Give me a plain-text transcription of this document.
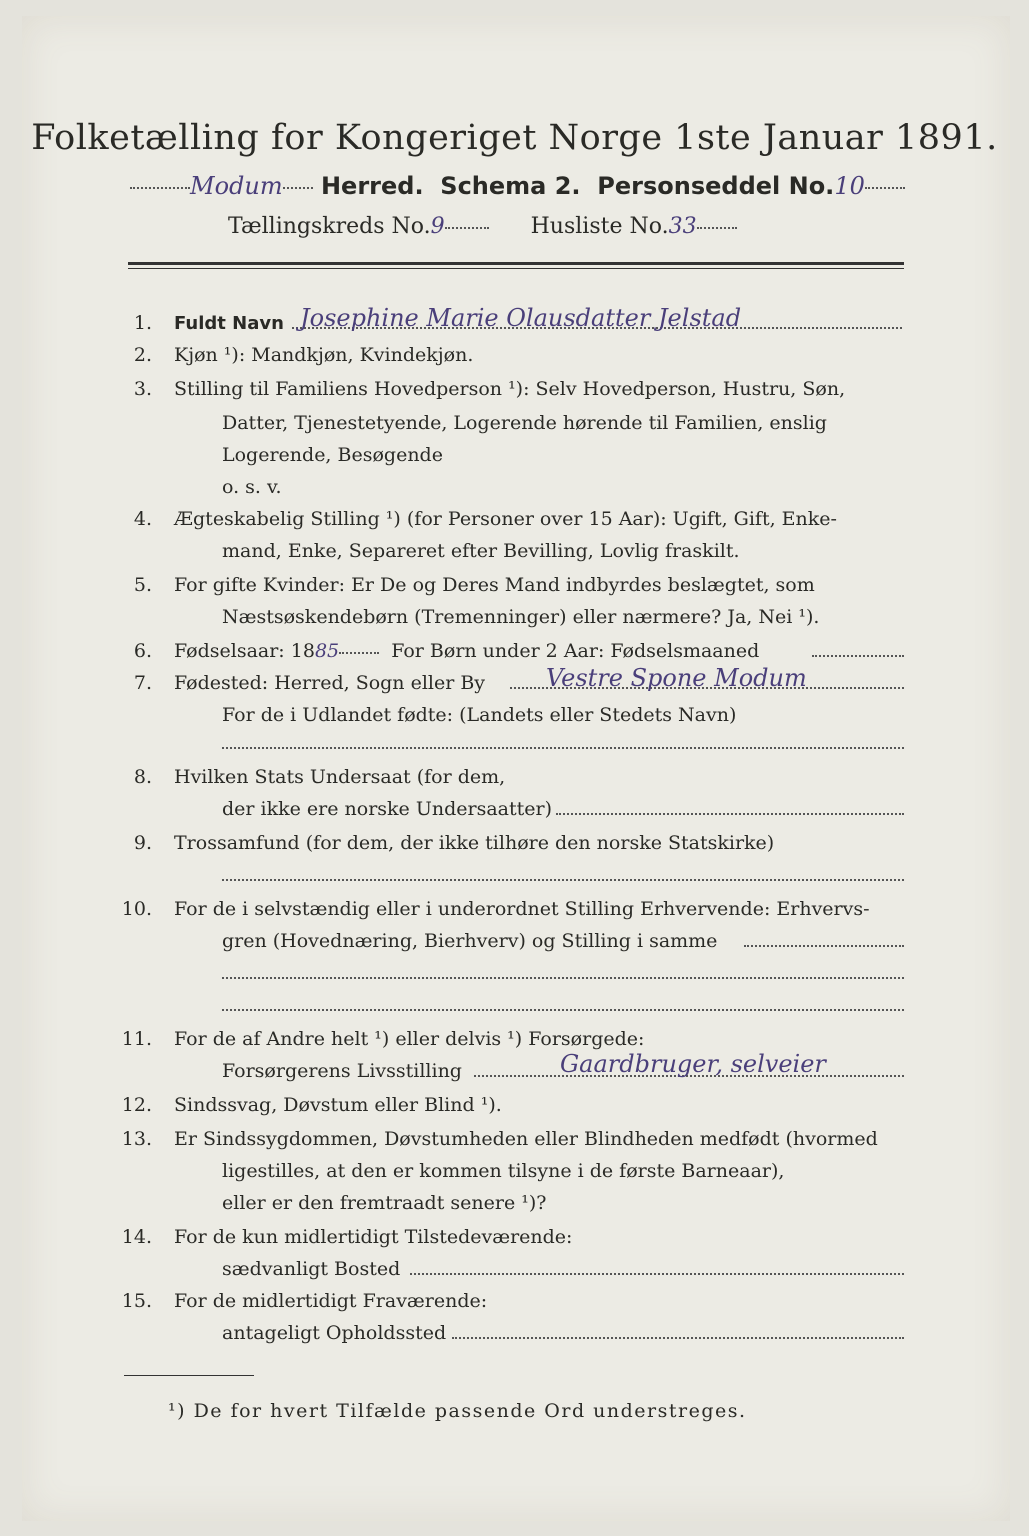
Folketælling for Kongeriget Norge 1ste Januar 1891.
Modum Herred. Schema 2. Personseddel No.10
Tællingskreds No.9	Husliste No.33
1. Fuldt Navn Josephine Marie Olausdatter Jelstad
2. Kjøn ¹): Mandkjøn, Kvindekjøn.
3. Stilling til Familiens Hovedperson ¹): Selv Hovedperson, Hustru, Søn,
Datter, Tjenestetyende, Logerende hørende til Familien, enslig
Logerende, Besøgende
o. s. v.
4. Ægteskabelig Stilling ¹) (for Personer over 15 Aar): Ugift, Gift, Enke-
mand, Enke, Separeret efter Bevilling, Lovlig fraskilt.
5. For gifte Kvinder: Er De og Deres Mand indbyrdes beslægtet, som
Næstsøskendebørn (Tremenninger) eller nærmere? Ja, Nei ¹).
6. Fødselsaar: 1885	For Børn under 2 Aar: Fødselsmaaned
7. Fødested: Herred, Sogn eller By	Vestre Spone Modum
For de i Udlandet fødte: (Landets eller Stedets Navn)
8. Hvilken Stats Undersaat (for dem,
der ikke ere norske Undersaatter)
9. Trossamfund (for dem, der ikke tilhøre den norske Statskirke)
10. For de i selvstændig eller i underordnet Stilling Erhvervende: Erhvervs-
gren (Hovednæring, Bierhverv) og Stilling i samme
11. For de af Andre helt ¹) eller delvis ¹) Forsørgede:
Forsørgerens Livsstilling	Gaardbruger, selveier
12. Sindssvag, Døvstum eller Blind ¹).
13. Er Sindssygdommen, Døvstumheden eller Blindheden medfødt (hvormed
ligestilles, at den er kommen tilsyne i de første Barneaar),
eller er den fremtraadt senere ¹)?
14. For de kun midlertidigt Tilstedeværende:
sædvanligt Bosted
15. For de midlertidigt Fraværende:
antageligt Opholdssted
¹) De for hvert Tilfælde passende Ord understreges.
